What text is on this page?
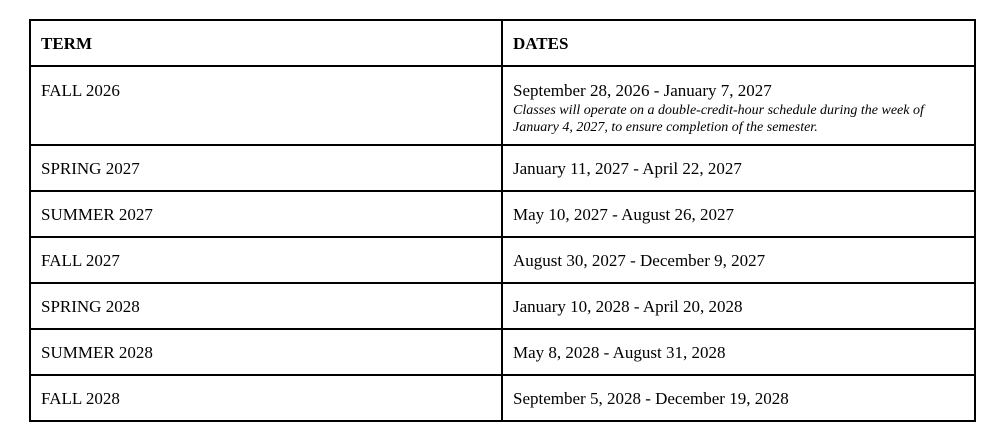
TERM	DATES

FALL 2026	September 28, 2026 - January 7, 2027
Classes will operate on a double-credit-hour schedule during the week of January 4, 2027, to ensure completion of the semester.

SPRING 2027	January 11, 2027 - April 22, 2027

SUMMER 2027	May 10, 2027 - August 26, 2027

FALL 2027	August 30, 2027 - December 9, 2027

SPRING 2028	January 10, 2028 - April 20, 2028

SUMMER 2028	May 8, 2028 - August 31, 2028

FALL 2028	September 5, 2028 - December 19, 2028
